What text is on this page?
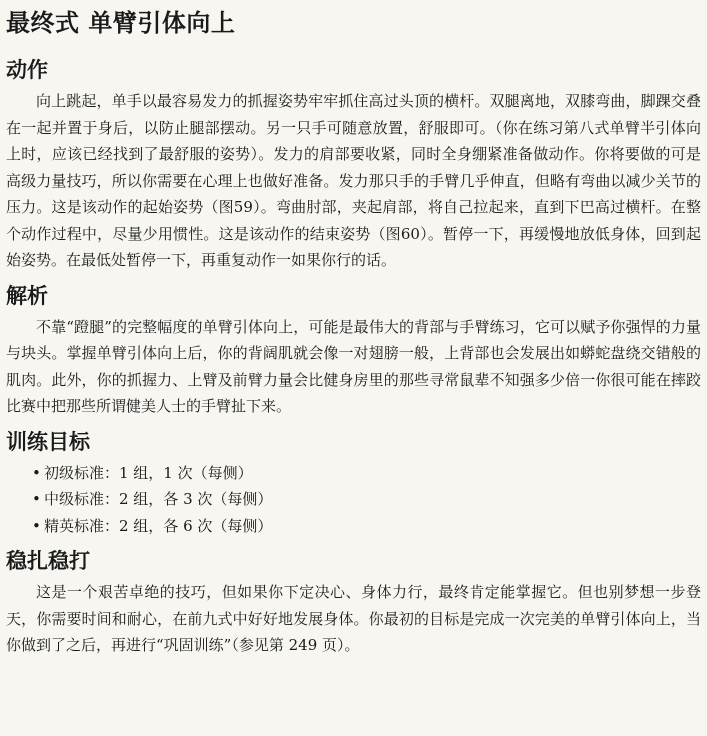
最终式 单臂引体向上
动作

向上跳起，单手以最容易发力的抓握姿势牢牢抓住高过头顶的横杆。双腿离地，双膝弯曲，脚踝交叠在一起并置于身后，以防止腿部摆动。另一只手可随意放置，舒服即可。（你在练习第八式单臂半引体向上时，应该已经找到了最舒服的姿势）。发力的肩部要收紧，同时全身绷紧准备做动作。你将要做的可是高级力量技巧，所以你需要在心理上也做好准备。发力那只手的手臂几乎伸直，但略有弯曲以减少关节的压力。这是该动作的起始姿势（图59）。弯曲肘部，夹起肩部，将自己拉起来，直到下巴高过横杆。在整个动作过程中，尽量少用惯性。这是该动作的结束姿势（图60）。暂停一下，再缓慢地放低身体，回到起始姿势。在最低处暂停一下，再重复动作一如果你行的话。

解析

不靠“蹬腿”的完整幅度的单臂引体向上，可能是最伟大的背部与手臂练习，它可以赋予你强悍的力量与块头。掌握单臂引体向上后，你的背阔肌就会像一对翅膀一般，上背部也会发展出如蟒蛇盘绕交错般的肌肉。此外，你的抓握力、上臂及前臂力量会比健身房里的那些寻常鼠辈不知强多少倍一你很可能在摔跤比赛中把那些所谓健美人士的手臂扯下来。

训练目标
• 初级标准：1 组，1 次（每侧）
• 中级标准：2 组，各 3 次（每侧）
• 精英标准：2 组，各 6 次（每侧）
稳扎稳打

这是一个艰苦卓绝的技巧，但如果你下定决心、身体力行，最终肯定能掌握它。但也别梦想一步登天，你需要时间和耐心，在前九式中好好地发展身体。你最初的目标是完成一次完美的单臂引体向上，当你做到了之后，再进行“巩固训练”（参见第 249 页）。
